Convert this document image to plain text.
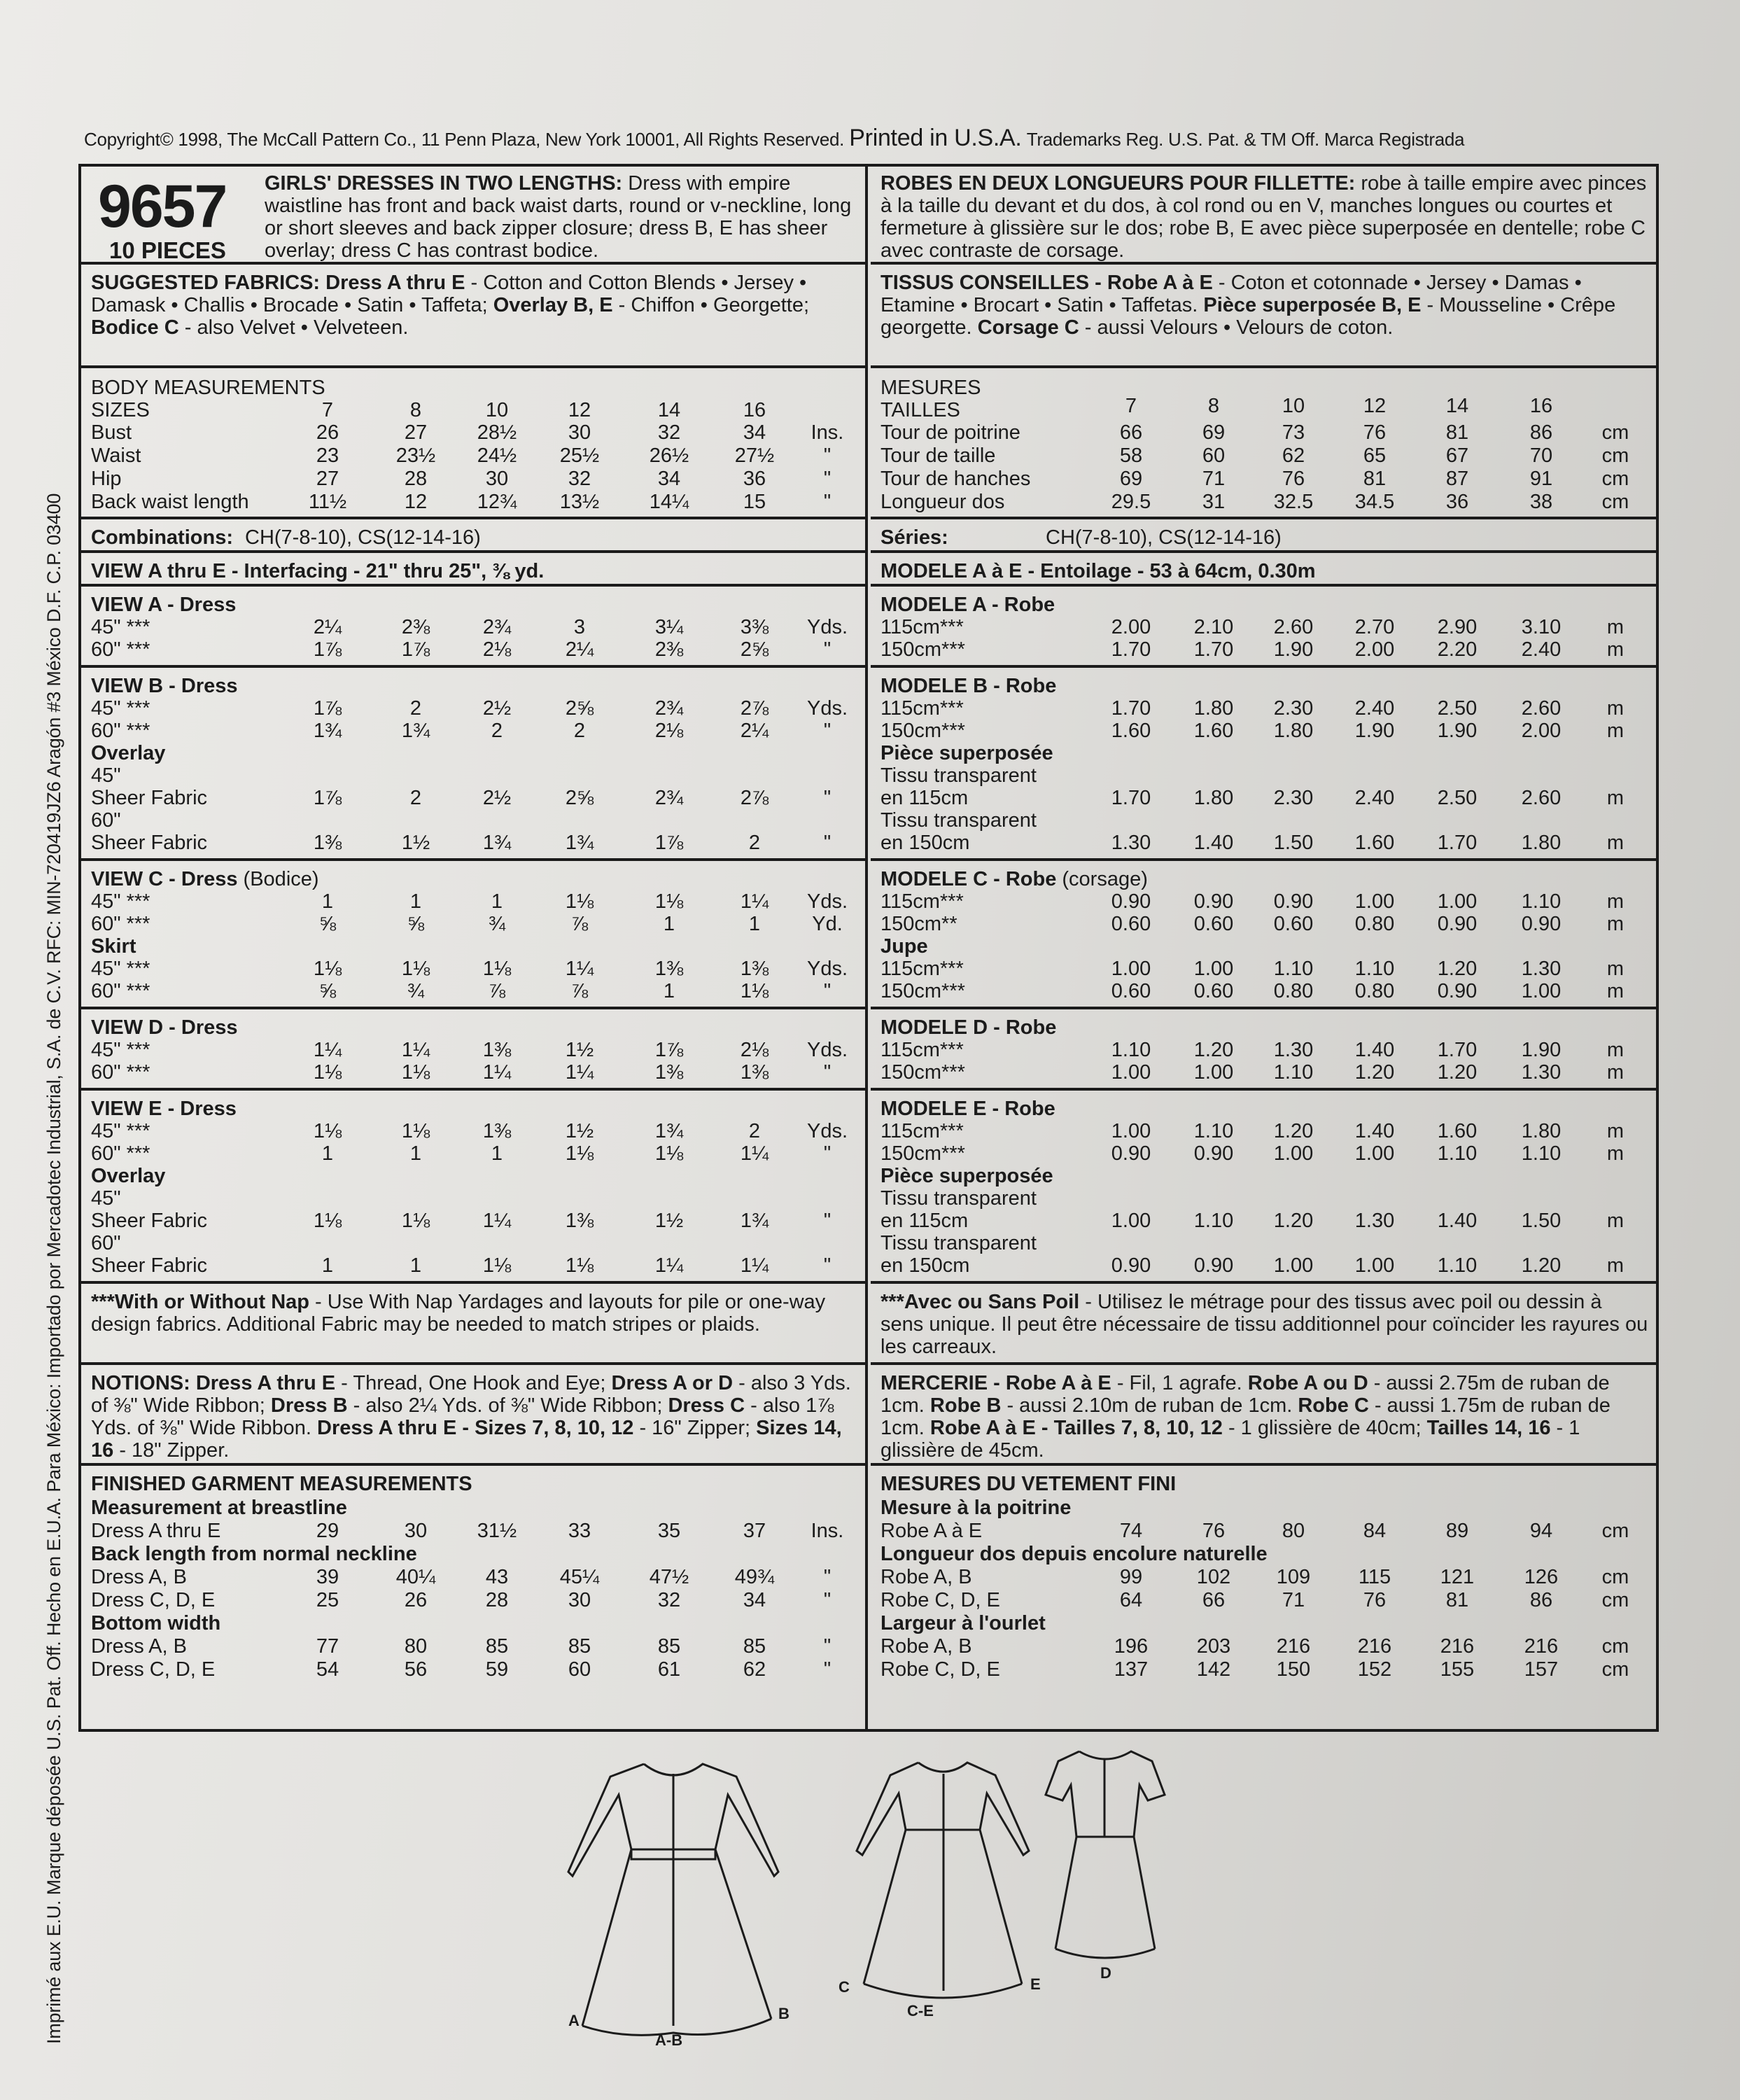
Copyright© 1998, The McCall Pattern Co., 11 Penn Plaza, New York 10001, All Rights Reserved. Printed in U.S.A. Trademarks Reg. U.S. Pat. & TM Off. Marca Registrada
Imprimé aux E.U. Marque déposée U.S. Pat. Off. Hecho en E.U.A. Para México: Importado por Mercadotec Industrial, S.A. de C.V. RFC: MIN-720419JZ6 Aragón #3 México D.F. C.P. 03400
9657
10 PIECES
GIRLS' DRESSES IN TWO LENGTHS: Dress with empire waistline has front and back waist darts, round or v-neckline, long or short sleeves and back zipper closure; dress B, E has sheer overlay; dress C has contrast bodice.
SUGGESTED FABRICS: Dress A thru E - Cotton and Cotton Blends • Jersey • Damask • Challis • Brocade • Satin • Taffeta; Overlay B, E - Chiffon • Georgette; Bodice C - also Velvet • Velveteen.
BODY MEASUREMENTS
SIZES	7	8	10	12	14	16
Bust	26	27	28½	30	32	34	Ins.
Waist	23	23½	24½	25½	26½	27½	"
Hip	27	28	30	32	34	36	"
Back waist length	11½	12	12¾	13½	14¼	15	"
Combinations: CH(7-8-10), CS(12-14-16)
VIEW A thru E - Interfacing - 21" thru 25", ⅜ yd.
VIEW A - Dress
45" ***	2¼	2⅜	2¾	3	3¼	3⅜	Yds.
60" ***	1⅞	1⅞	2⅛	2¼	2⅜	2⅝	"
VIEW B - Dress
45" ***	1⅞	2	2½	2⅝	2¾	2⅞	Yds.
60" ***	1¾	1¾	2	2	2⅛	2¼	"
Overlay
45"
Sheer Fabric	1⅞	2	2½	2⅝	2¾	2⅞	"
60"
Sheer Fabric	1⅜	1½	1¾	1¾	1⅞	2	"
VIEW C - Dress (Bodice)
45" ***	1	1	1	1⅛	1⅛	1¼	Yds.
60" ***	⅝	⅝	¾	⅞	1	1	Yd.
Skirt
45" ***	1⅛	1⅛	1⅛	1¼	1⅜	1⅜	Yds.
60" ***	⅝	¾	⅞	⅞	1	1⅛	"
VIEW D - Dress
45" ***	1¼	1¼	1⅜	1½	1⅞	2⅛	Yds.
60" ***	1⅛	1⅛	1¼	1¼	1⅜	1⅜	"
VIEW E - Dress
45" ***	1⅛	1⅛	1⅜	1½	1¾	2	Yds.
60" ***	1	1	1	1⅛	1⅛	1¼	"
Overlay
45"
Sheer Fabric	1⅛	1⅛	1¼	1⅜	1½	1¾	"
60"
Sheer Fabric	1	1	1⅛	1⅛	1¼	1¼	"
***With or Without Nap - Use With Nap Yardages and layouts for pile or one-way design fabrics. Additional Fabric may be needed to match stripes or plaids.
NOTIONS: Dress A thru E - Thread, One Hook and Eye; Dress A or D - also 3 Yds. of ⅜" Wide Ribbon; Dress B - also 2¼ Yds. of ⅜" Wide Ribbon; Dress C - also 1⅞ Yds. of ⅜" Wide Ribbon. Dress A thru E - Sizes 7, 8, 10, 12 - 16" Zipper; Sizes 14, 16 - 18" Zipper.
FINISHED GARMENT MEASUREMENTS
Measurement at breastline
Dress A thru E	29	30	31½	33	35	37	Ins.
Back length from normal neckline
Dress A, B	39	40¼	43	45¼	47½	49¾	"
Dress C, D, E	25	26	28	30	32	34	"
Bottom width
Dress A, B	77	80	85	85	85	85	"
Dress C, D, E	54	56	59	60	61	62	"
ROBES EN DEUX LONGUEURS POUR FILLETTE: robe à taille empire avec pinces à la taille du devant et du dos, à col rond ou en V, manches longues ou courtes et fermeture à glissière sur le dos; robe B, E avec pièce superposée en dentelle; robe C avec contraste de corsage.
TISSUS CONSEILLES - Robe A à E - Coton et cotonnade • Jersey • Damas • Etamine • Brocart • Satin • Taffetas. Pièce superposée B, E - Mousseline • Crêpe georgette. Corsage C - aussi Velours • Velours de coton.
MESURES
TAILLES	7	8	10	12	14	16
Tour de poitrine	66	69	73	76	81	86	cm
Tour de taille	58	60	62	65	67	70	cm
Tour de hanches	69	71	76	81	87	91	cm
Longueur dos	29.5	31	32.5	34.5	36	38	cm
Séries:	CH(7-8-10), CS(12-14-16)
MODELE A à E - Entoilage - 53 à 64cm, 0.30m
MODELE A - Robe
115cm***	2.00	2.10	2.60	2.70	2.90	3.10	m
150cm***	1.70	1.70	1.90	2.00	2.20	2.40	m
MODELE B - Robe
115cm***	1.70	1.80	2.30	2.40	2.50	2.60	m
150cm***	1.60	1.60	1.80	1.90	1.90	2.00	m
Pièce superposée
Tissu transparent
en 115cm	1.70	1.80	2.30	2.40	2.50	2.60	m
Tissu transparent
en 150cm	1.30	1.40	1.50	1.60	1.70	1.80	m
MODELE C - Robe (corsage)
115cm***	0.90	0.90	0.90	1.00	1.00	1.10	m
150cm**	0.60	0.60	0.60	0.80	0.90	0.90	m
Jupe
115cm***	1.00	1.00	1.10	1.10	1.20	1.30	m
150cm***	0.60	0.60	0.80	0.80	0.90	1.00	m
MODELE D - Robe
115cm***	1.10	1.20	1.30	1.40	1.70	1.90	m
150cm***	1.00	1.00	1.10	1.20	1.20	1.30	m
MODELE E - Robe
115cm***	1.00	1.10	1.20	1.40	1.60	1.80	m
150cm***	0.90	0.90	1.00	1.00	1.10	1.10	m
Pièce superposée
Tissu transparent
en 115cm	1.00	1.10	1.20	1.30	1.40	1.50	m
Tissu transparent
en 150cm	0.90	0.90	1.00	1.00	1.10	1.20	m
***Avec ou Sans Poil - Utilisez le métrage pour des tissus avec poil ou dessin à sens unique. Il peut être nécessaire de tissu additionnel pour coïncider les rayures ou les carreaux.
MERCERIE - Robe A à E - Fil, 1 agrafe. Robe A ou D - aussi 2.75m de ruban de 1cm. Robe B - aussi 2.10m de ruban de 1cm. Robe C - aussi 1.75m de ruban de 1cm. Robe A à E - Tailles 7, 8, 10, 12 - 1 glissière de 40cm; Tailles 14, 16 - 1 glissière de 45cm.
MESURES DU VETEMENT FINI
Mesure à la poitrine
Robe A à E	74	76	80	84	89	94	cm
Longueur dos depuis encolure naturelle
Robe A, B	99	102	109	115	121	126	cm
Robe C, D, E	64	66	71	76	81	86	cm
Largeur à l'ourlet
Robe A, B	196	203	216	216	216	216	cm
Robe C, D, E	137	142	150	152	155	157	cm
A	B
A-B
C	E
C-E
D
